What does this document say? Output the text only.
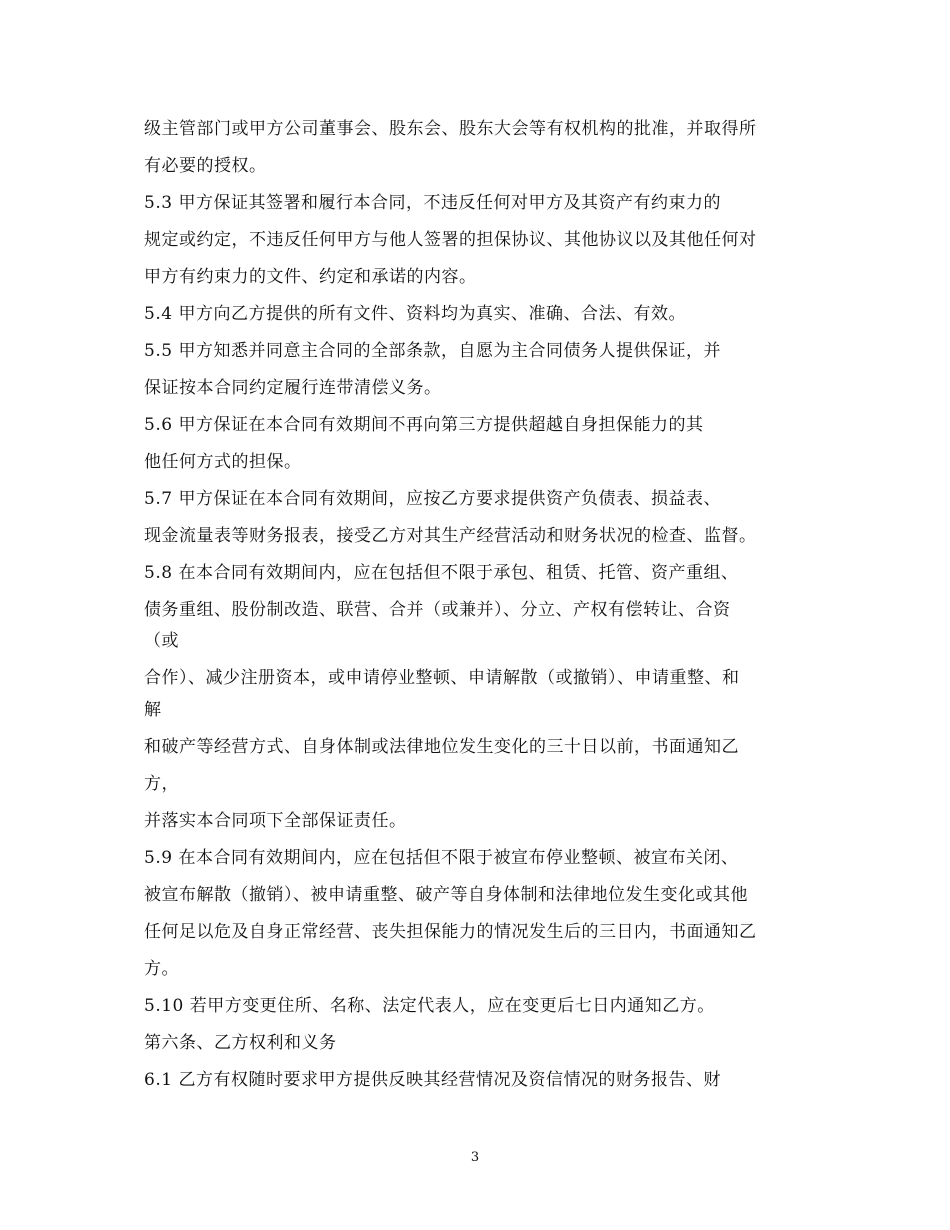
级主管部门或甲方公司董事会、股东会、股东大会等有权机构的批准，并取得所
有必要的授权。
5.3 甲方保证其签署和履行本合同，不违反任何对甲方及其资产有约束力的
规定或约定，不违反任何甲方与他人签署的担保协议、其他协议以及其他任何对
甲方有约束力的文件、约定和承诺的内容。
5.4 甲方向乙方提供的所有文件、资料均为真实、准确、合法、有效。
5.5 甲方知悉并同意主合同的全部条款，自愿为主合同债务人提供保证，并
保证按本合同约定履行连带清偿义务。
5.6 甲方保证在本合同有效期间不再向第三方提供超越自身担保能力的其
他任何方式的担保。
5.7 甲方保证在本合同有效期间，应按乙方要求提供资产负债表、损益表、
现金流量表等财务报表，接受乙方对其生产经营活动和财务状况的检查、监督。
5.8 在本合同有效期间内，应在包括但不限于承包、租赁、托管、资产重组、
债务重组、股份制改造、联营、合并（或兼并）、分立、产权有偿转让、合资
（或
合作）、减少注册资本，或申请停业整顿、申请解散（或撤销）、申请重整、和
解
和破产等经营方式、自身体制或法律地位发生变化的三十日以前，书面通知乙
方，
并落实本合同项下全部保证责任。
5.9 在本合同有效期间内，应在包括但不限于被宣布停业整顿、被宣布关闭、
被宣布解散（撤销）、被申请重整、破产等自身体制和法律地位发生变化或其他
任何足以危及自身正常经营、丧失担保能力的情况发生后的三日内，书面通知乙
方。
5.10 若甲方变更住所、名称、法定代表人，应在变更后七日内通知乙方。
第六条、乙方权利和义务
6.1 乙方有权随时要求甲方提供反映其经营情况及资信情况的财务报告、财
3
